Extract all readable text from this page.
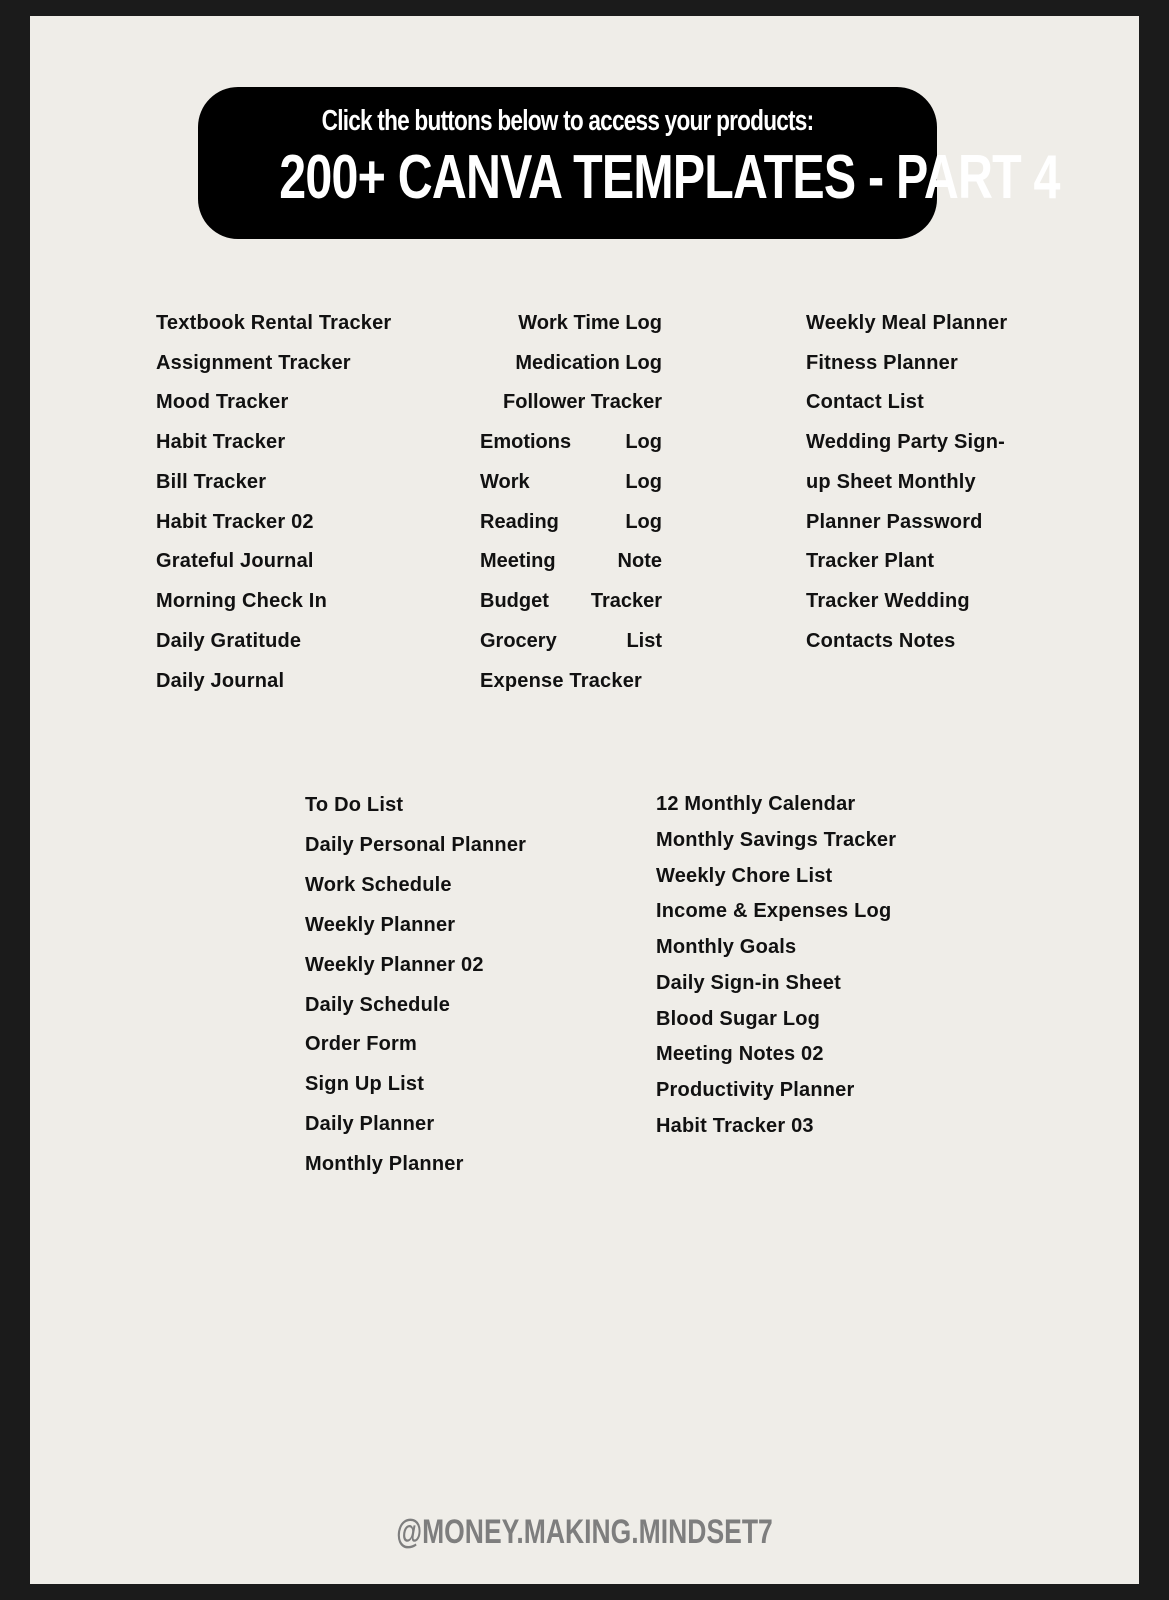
Click the buttons below to access your products:
200+ CANVA TEMPLATES - PART 4
Textbook Rental Tracker
Assignment Tracker
Mood Tracker
Habit Tracker
Bill Tracker
Habit Tracker 02
Grateful Journal
Morning Check In
Daily Gratitude
Daily Journal
Work Time Log
Medication Log
Follower Tracker
Emotions	Log
Work	Log
Reading	Log
Meeting	Note
Budget Tracker
Grocery	List
Expense Tracker
Weekly Meal Planner
Fitness Planner
Contact List
Wedding Party Sign-
up Sheet Monthly
Planner Password
Tracker Plant
Tracker Wedding
Contacts Notes
To Do List
Daily Personal Planner
Work Schedule
Weekly Planner
Weekly Planner 02
Daily Schedule
Order Form
Sign Up List
Daily Planner
Monthly Planner
12 Monthly Calendar
Monthly Savings Tracker
Weekly Chore List
Income & Expenses Log
Monthly Goals
Daily Sign-in Sheet
Blood Sugar Log
Meeting Notes 02
Productivity Planner
Habit Tracker 03
@MONEY.MAKING.MINDSET7
